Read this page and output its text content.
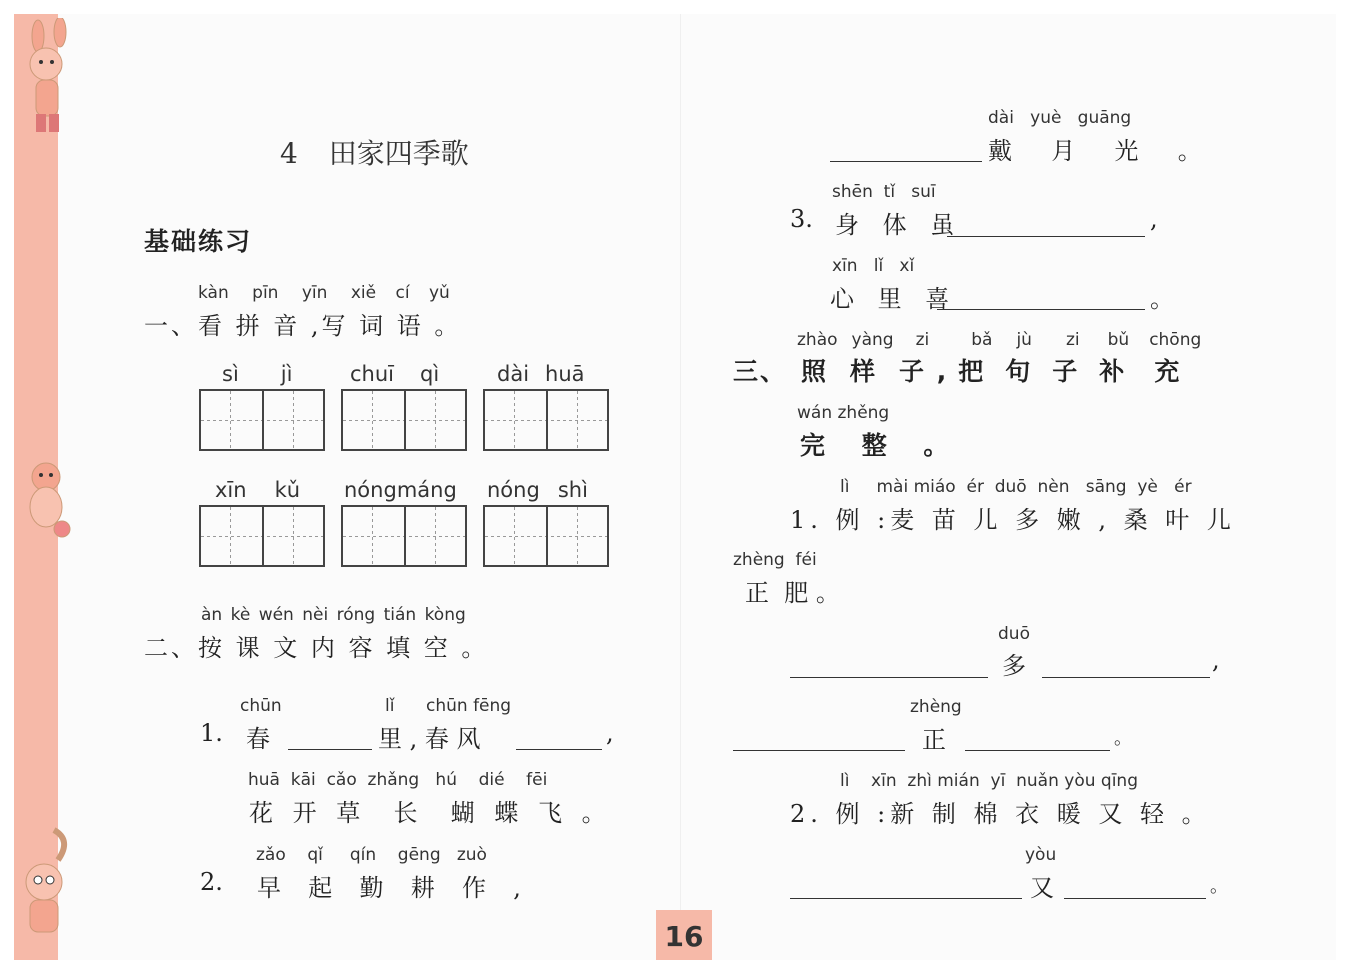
4 田家四季歌
基础练习
kàn pīn yīn xiě cí yǔ
一、看 拼 音 ,写 词 语 。
sì jì	chuī qì	dài huā
xīn kǔ nóngmáng nóng shì
àn kè wén nèi róng tián kòng
二、按 课 文 内 容 填 空 。
chūn	lǐ chūn fēng
1. 春	里 , 春 风	,
huā  kāi  cǎo  zhǎng   hú    dié    fēi
花 开 草  长  蝴 蝶 飞 。
zǎo    qǐ     qín    gēng   zuò
2. 早  起  勤  耕  作  ,
dài   yuè   guāng
戴  月  光  。
shēn  tǐ   suī
3. 身 体 虽	,
xīn   lǐ   xǐ
心 里 喜	。
zhào yàng zi bǎ jù zi bǔ chōng
三、 照 样 子 , 把 句 子 补 充
wán zhěng
完 整 。
lì     mài miáo  ér  duō  nèn   sāng  yè   ér
1. 例 :麦 苗 儿 多 嫩 , 桑 叶 儿
zhèng  féi
正  肥 。
duō
多	,
zhèng
正	。
lì    xīn  zhì mián  yī  nuǎn yòu qīng
2. 例 :新 制 棉 衣 暖 又 轻 。
yòu
又	。
16
